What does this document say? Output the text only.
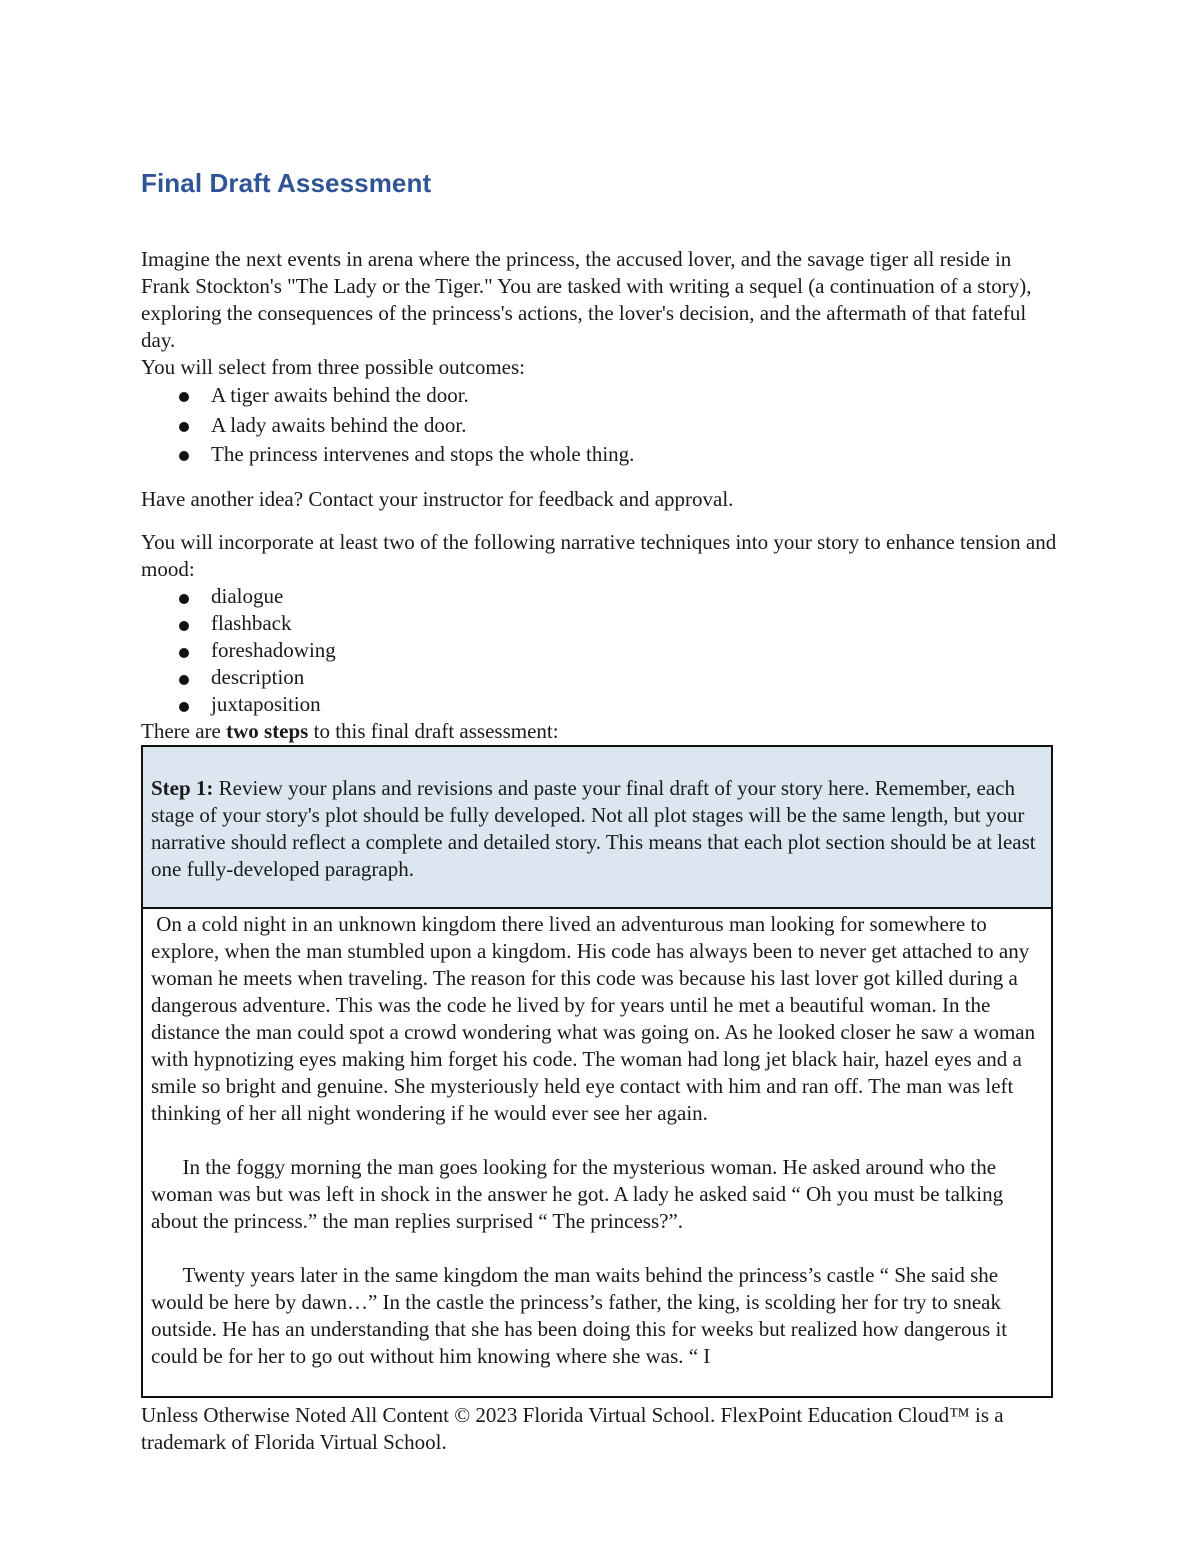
Final Draft Assessment

Imagine the next events in arena where the princess, the accused lover, and the savage tiger all reside in Frank Stockton's "The Lady or the Tiger." You are tasked with writing a sequel (a continuation of a story), exploring the consequences of the princess's actions, the lover's decision, and the aftermath of that fateful day.

You will select from three possible outcomes:

A tiger awaits behind the door.
A lady awaits behind the door.
The princess intervenes and stops the whole thing.

Have another idea? Contact your instructor for feedback and approval.

You will incorporate at least two of the following narrative techniques into your story to enhance tension and mood:

dialogue
flashback
foreshadowing
description
juxtaposition

There are two steps to this final draft assessment:

Step 1: Review your plans and revisions and paste your final draft of your story here. Remember, each stage of your story's plot should be fully developed. Not all plot stages will be the same length, but your narrative should reflect a complete and detailed story. This means that each plot section should be at least one fully-developed paragraph.

On a cold night in an unknown kingdom there lived an adventurous man looking for somewhere to explore, when the man stumbled upon a kingdom. His code has always been to never get attached to any woman he meets when traveling. The reason for this code was because his last lover got killed during a dangerous adventure. This was the code he lived by for years until he met a beautiful woman. In the distance the man could spot a crowd wondering what was going on. As he looked closer he saw a woman with hypnotizing eyes making him forget his code. The woman had long jet black hair, hazel eyes and a smile so bright and genuine. She mysteriously held eye contact with him and ran off. The man was left thinking of her all night wondering if he would ever see her again.

In the foggy morning the man goes looking for the mysterious woman. He asked around who the woman was but was left in shock in the answer he got. A lady he asked said “ Oh you must be talking about the princess.” the man replies surprised “ The princess?”.

Twenty years later in the same kingdom the man waits behind the princess’s castle “ She said she would be here by dawn…” In the castle the princess’s father, the king, is scolding her for try to sneak outside. He has an understanding that she has been doing this for weeks but realized how dangerous it could be for her to go out without him knowing where she was. “ I

Unless Otherwise Noted All Content © 2023 Florida Virtual School. FlexPoint Education Cloud™ is a trademark of Florida Virtual School.
